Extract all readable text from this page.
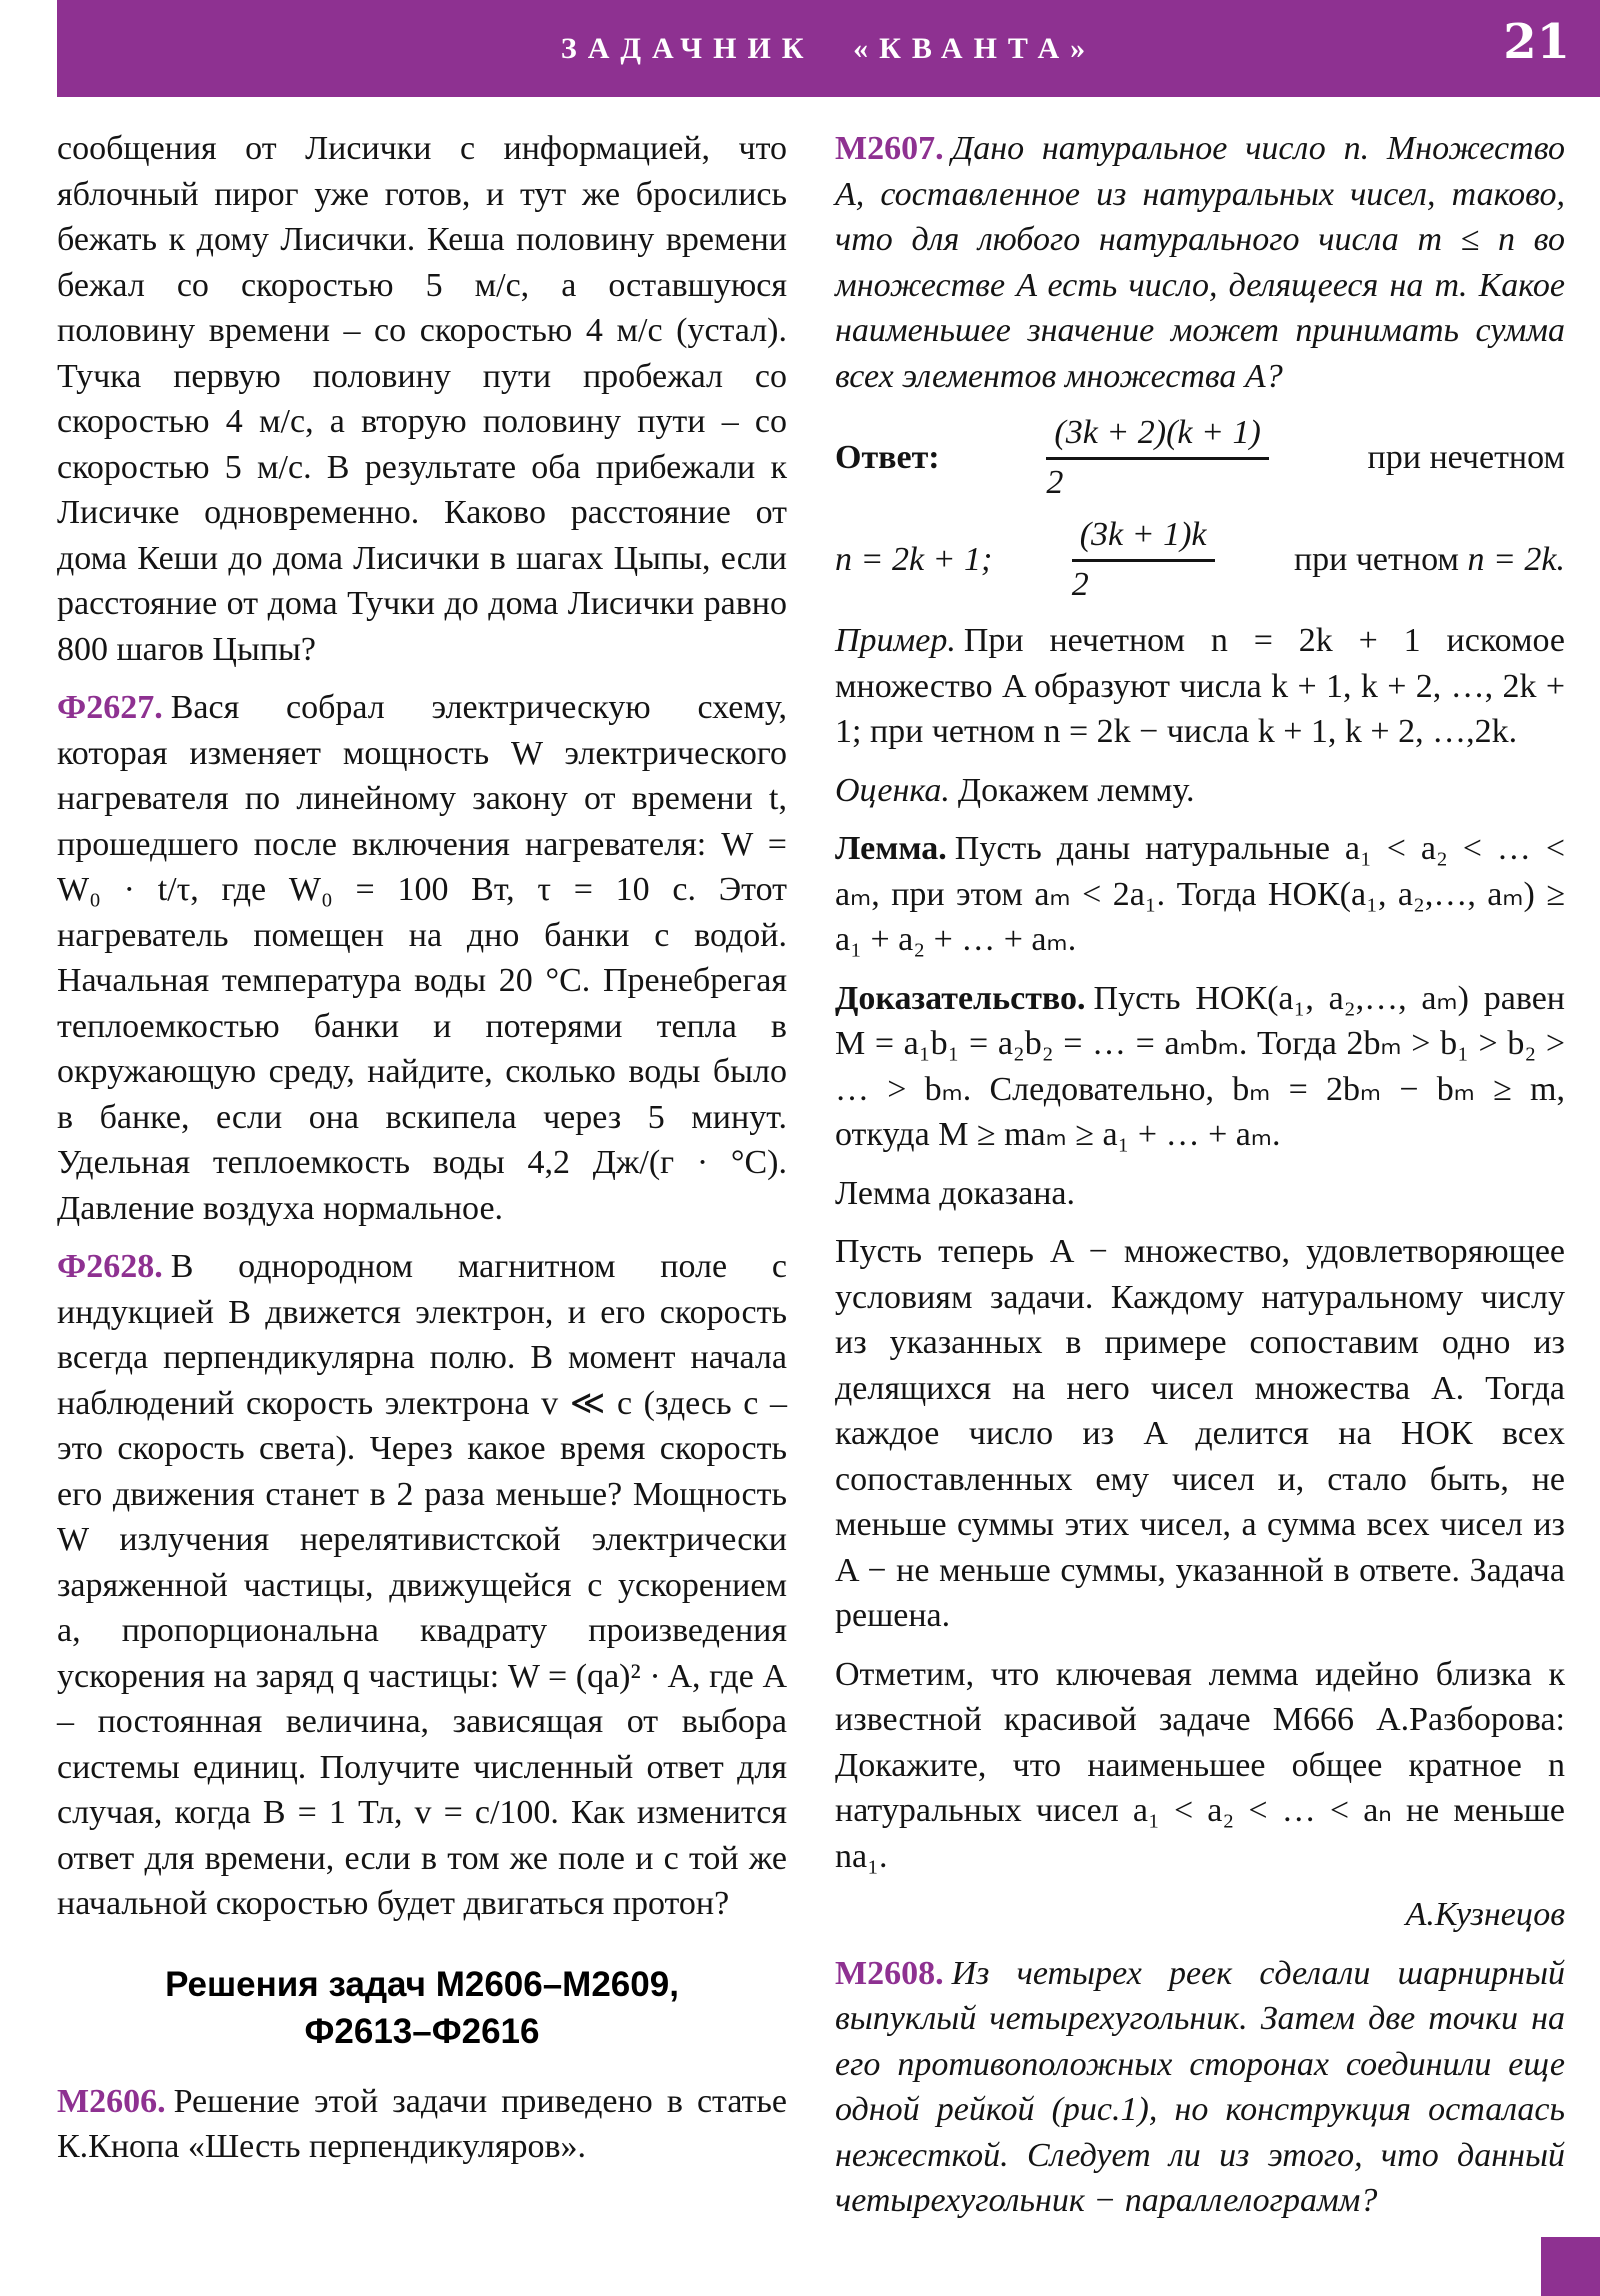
ЗАДАЧНИК «КВАНТА»	21

сообщения от Лисички с информацией, что яблочный пирог уже готов, и тут же бросились бежать к дому Лисички. Кеша половину времени бежал со скоростью 5 м/с, а оставшуюся половину времени – со скоростью 4 м/с (устал). Тучка первую половину пути пробежал со скоростью 4 м/с, а вторую половину пути – со скоростью 5 м/с. В результате оба прибежали к Лисичке одновременно. Каково расстояние от дома Кеши до дома Лисички в шагах Цыпы, если расстояние от дома Тучки до дома Лисички равно 800 шагов Цыпы?

Ф2627. Вася собрал электрическую схему, которая изменяет мощность W электрического нагревателя по линейному закону от времени t, прошедшего после включения нагревателя: W = W₀ · t/τ, где W₀ = 100 Вт, τ = 10 с. Этот нагреватель помещен на дно банки с водой. Начальная температура воды 20 °С. Пренебрегая теплоемкостью банки и потерями тепла в окружающую среду, найдите, сколько воды было в банке, если она вскипела через 5 минут. Удельная теплоемкость воды 4,2 Дж/(г · °С). Давление воздуха нормальное.

Ф2628. В однородном магнитном поле с индукцией B движется электрон, и его скорость всегда перпендикулярна полю. В момент начала наблюдений скорость электрона v ≪ c (здесь c – это скорость света). Через какое время скорость его движения станет в 2 раза меньше? Мощность W излучения нерелятивистской электрически заряженной частицы, движущейся с ускорением a, пропорциональна квадрату произведения ускорения на заряд q частицы: W = (qa)² · A, где A – постоянная величина, зависящая от выбора системы единиц. Получите численный ответ для случая, когда B = 1 Тл, v = c/100. Как изменится ответ для времени, если в том же поле и с той же начальной скоростью будет двигаться протон?

Решения задач М2606–М2609,
Ф2613–Ф2616

М2606. Решение этой задачи приведено в статье К.Кнопа «Шесть перпендикуляров».

М2607. Дано натуральное число n. Множество A, составленное из натуральных чисел, таково, что для любого натурального числа m ≤ n во множестве A есть число, делящееся на m. Какое наименьшее значение может принимать сумма всех элементов множества A?

Ответ:	$\frac{(3k + 2)(k + 1)}{2}$	при нечетном
n = 2k + 1; $\frac{(3k + 1)k}{2}$ при четном n = 2k.

Пример. При нечетном n = 2k + 1 искомое множество A образуют числа k + 1, k + 2, …, 2k + 1; при четном n = 2k − числа k + 1, k + 2, …,2k.

Оценка. Докажем лемму.

Лемма. Пусть даны натуральные a₁ < a₂ < … < aₘ, при этом aₘ < 2a₁. Тогда НОК(a₁, a₂,…, aₘ) ≥ a₁ + a₂ + … + aₘ.

Доказательство. Пусть НОК(a₁, a₂,…, aₘ) равен M = a₁b₁ = a₂b₂ = … = aₘbₘ. Тогда 2bₘ > b₁ > b₂ > … > bₘ. Следовательно, bₘ = 2bₘ − bₘ ≥ m, откуда M ≥ maₘ ≥ a₁ + … + aₘ.

Лемма доказана.

Пусть теперь A − множество, удовлетворяющее условиям задачи. Каждому натуральному числу из указанных в примере сопоставим одно из делящихся на него чисел множества A. Тогда каждое число из A делится на НОК всех сопоставленных ему чисел и, стало быть, не меньше суммы этих чисел, а сумма всех чисел из A − не меньше суммы, указанной в ответе. Задача решена.

Отметим, что ключевая лемма идейно близка к известной красивой задаче М666 А.Разборова: Докажите, что наименьшее общее кратное n натуральных чисел a₁ < a₂ < … < aₙ не меньше na₁.

А.Кузнецов

М2608. Из четырех реек сделали шарнирный выпуклый четырехугольник. Затем две точки на его противоположных сторонах соединили еще одной рейкой (рис.1), но конструкция осталась нежесткой. Следует ли из этого, что данный четырехугольник − параллелограмм?
